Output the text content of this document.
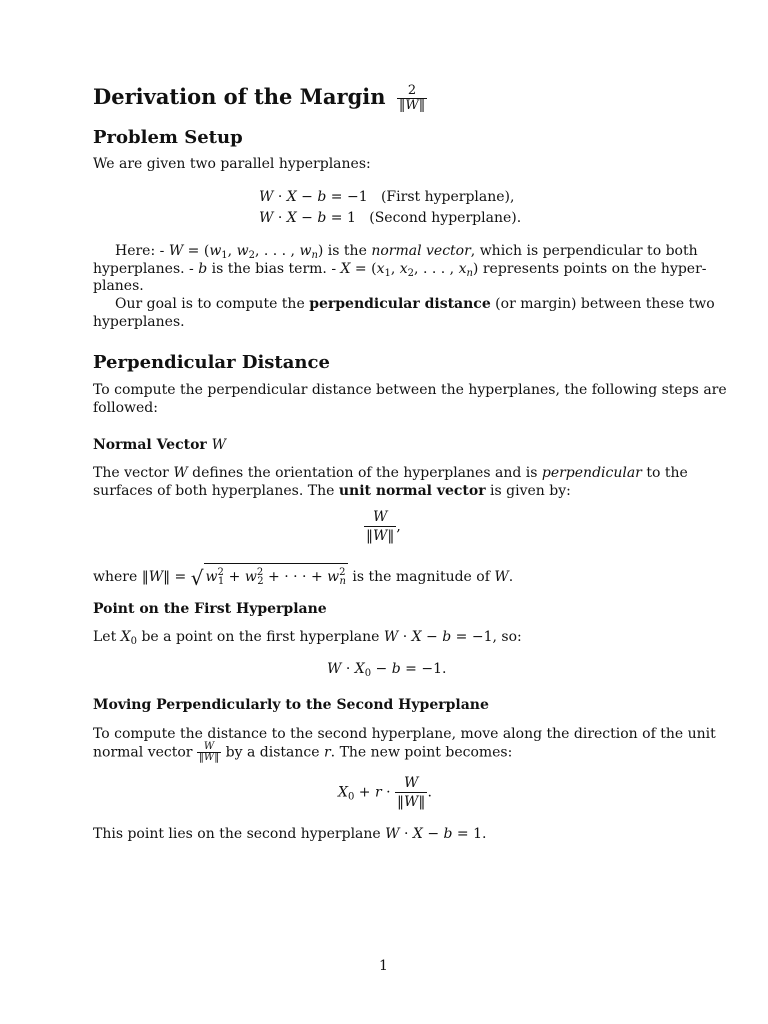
Derivation of the Margin $\frac{2}{‖W‖}$
Problem Setup
We are given two parallel hyperplanes:
W · X − b = −1 (First hyperplane),
W · X − b = 1 (Second hyperplane).
Here: - $W = (w_1$, $w_2$, . . . , $w_n$) is the normal vector, which is perpendicular to both
hyperplanes. - b is the bias term. - $X = (x_1$, $x_2$, . . . , $x_n$) represents points on the hyper-
planes.
Our goal is to compute the perpendicular distance (or margin) between these two
hyperplanes.
Perpendicular Distance
To compute the perpendicular distance between the hyperplanes, the following steps are
followed:
Normal Vector W
The vector W defines the orientation of the hyperplanes and is perpendicular to the
surfaces of both hyperplanes. The unit normal vector is given by:
$\frac{W}{‖W‖}$ ,
where ‖W‖ = √ $w^2_1 + w^2_2$ + · · · + $w^2_n$ is the magnitude of W.
Point on the First Hyperplane
Let $X_0$ be a point on the first hyperplane W · X − b = −1, so:
$W \cdot X_0 - b = -1$.
Moving Perpendicularly to the Second Hyperplane
To compute the distance to the second hyperplane, move along the direction of the unit
normal vector $\frac{W}{‖W‖}$ by a distance r. The new point becomes:
$X_0 + r \cdot \frac{W}{‖W‖}$ .
This point lies on the second hyperplane W · X − b = 1.
1
